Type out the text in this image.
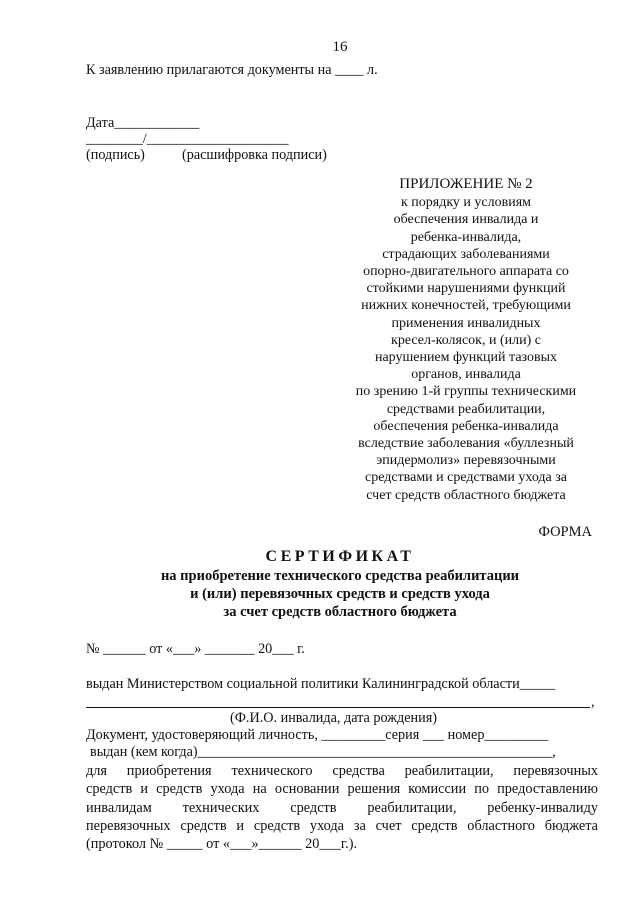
16
К заявлению прилагаются документы на ____ л.
Дата____________
________/____________________
(подпись)	(расшифровка подписи)
ПРИЛОЖЕНИЕ № 2
к порядку и условиям
обеспечения инвалида и
ребенка-инвалида,
страдающих заболеваниями
опорно-двигательного аппарата со
стойкими нарушениями функций
нижних конечностей, требующими
применения инвалидных
кресел-колясок, и (или) с
нарушением функций тазовых
органов, инвалида
по зрению 1-й группы техническими
средствами реабилитации,
обеспечения ребенка-инвалида
вследствие заболевания «буллезный
эпидермолиз» перевязочными
средствами и средствами ухода за
счет средств областного бюджета
ФОРМА
СЕРТИФИКАТ
на приобретение технического средства реабилитации
и (или) перевязочных средств и средств ухода
за счет средств областного бюджета
№ ______ от «___» _______ 20___ г.
выдан Министерством социальной политики Калининградской области_____
,
(Ф.И.О. инвалида, дата рождения)
Документ, удостоверяющий личность, _________серия ___ номер_________
выдан (кем когда)__________________________________________________,
для приобретения технического средства реабилитации, перевязочных
средств и средств ухода на основании решения комиссии по предоставлению
инвалидам технических средств реабилитации, ребенку-инвалиду
перевязочных средств и средств ухода за счет средств областного бюджета
(протокол № _____ от «___»______ 20___г.).
